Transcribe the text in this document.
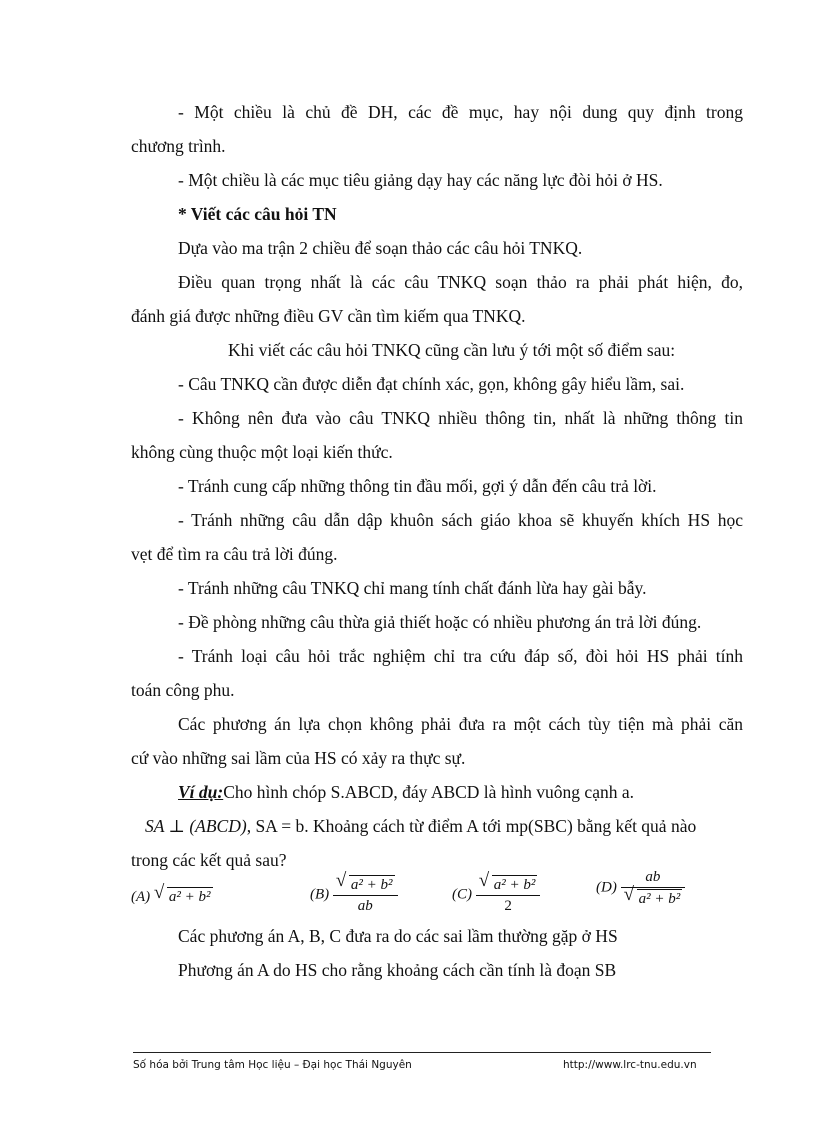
- Một chiều là chủ đề DH, các đề mục, hay nội dung quy định trong
chương trình.
- Một chiều là các mục tiêu giảng dạy hay các năng lực đòi hỏi ở HS.
* Viết các câu hỏi TN
Dựa vào ma trận 2 chiều để soạn thảo các câu hỏi TNKQ.
Điều quan trọng nhất là các câu TNKQ soạn thảo ra phải phát hiện, đo,
đánh giá được những điều GV cần tìm kiếm qua TNKQ.
Khi viết các câu hỏi TNKQ cũng cần lưu ý tới một số điểm sau:
- Câu TNKQ cần được diễn đạt chính xác, gọn, không gây hiểu lầm, sai.
- Không nên đưa vào câu TNKQ nhiều thông tin, nhất là những thông tin
không cùng thuộc một loại kiến thức.
- Tránh cung cấp những thông tin đầu mối, gợi ý dẫn đến câu trả lời.
- Tránh những câu dẫn dập khuôn sách giáo khoa sẽ khuyến khích HS học
vẹt để tìm ra câu trả lời đúng.
- Tránh những câu TNKQ chỉ mang tính chất đánh lừa hay gài bẫy.
- Đề phòng những câu thừa giả thiết hoặc có nhiều phương án trả lời đúng.
- Tránh loại câu hỏi trắc nghiệm chỉ tra cứu đáp số, đòi hỏi HS phải tính
toán công phu.
Các phương án lựa chọn không phải đưa ra một cách tùy tiện mà phải căn
cứ vào những sai lầm của HS có xảy ra thực sự.
Ví dụ:Cho hình chóp S.ABCD, đáy ABCD là hình vuông cạnh a.
SA ⊥ (ABCD), SA = b. Khoảng cách từ điểm A tới mp(SBC) bằng kết quả nào
trong các kết quả sau?
(A) √ a² + b²	(B) √ $\frac{\text{a² + b²}}{ab}$	(C) √ $\frac{\text{a² + b²}}{2}$	(D) ab
√ a² + b²
Các phương án A, B, C đưa ra do các sai lầm thường gặp ở HS
Phương án A do HS cho rằng khoảng cách cần tính là đoạn SB
Số hóa bởi Trung tâm Học liệu – Đại học Thái Nguyên	http://www.lrc-tnu.edu.vn
